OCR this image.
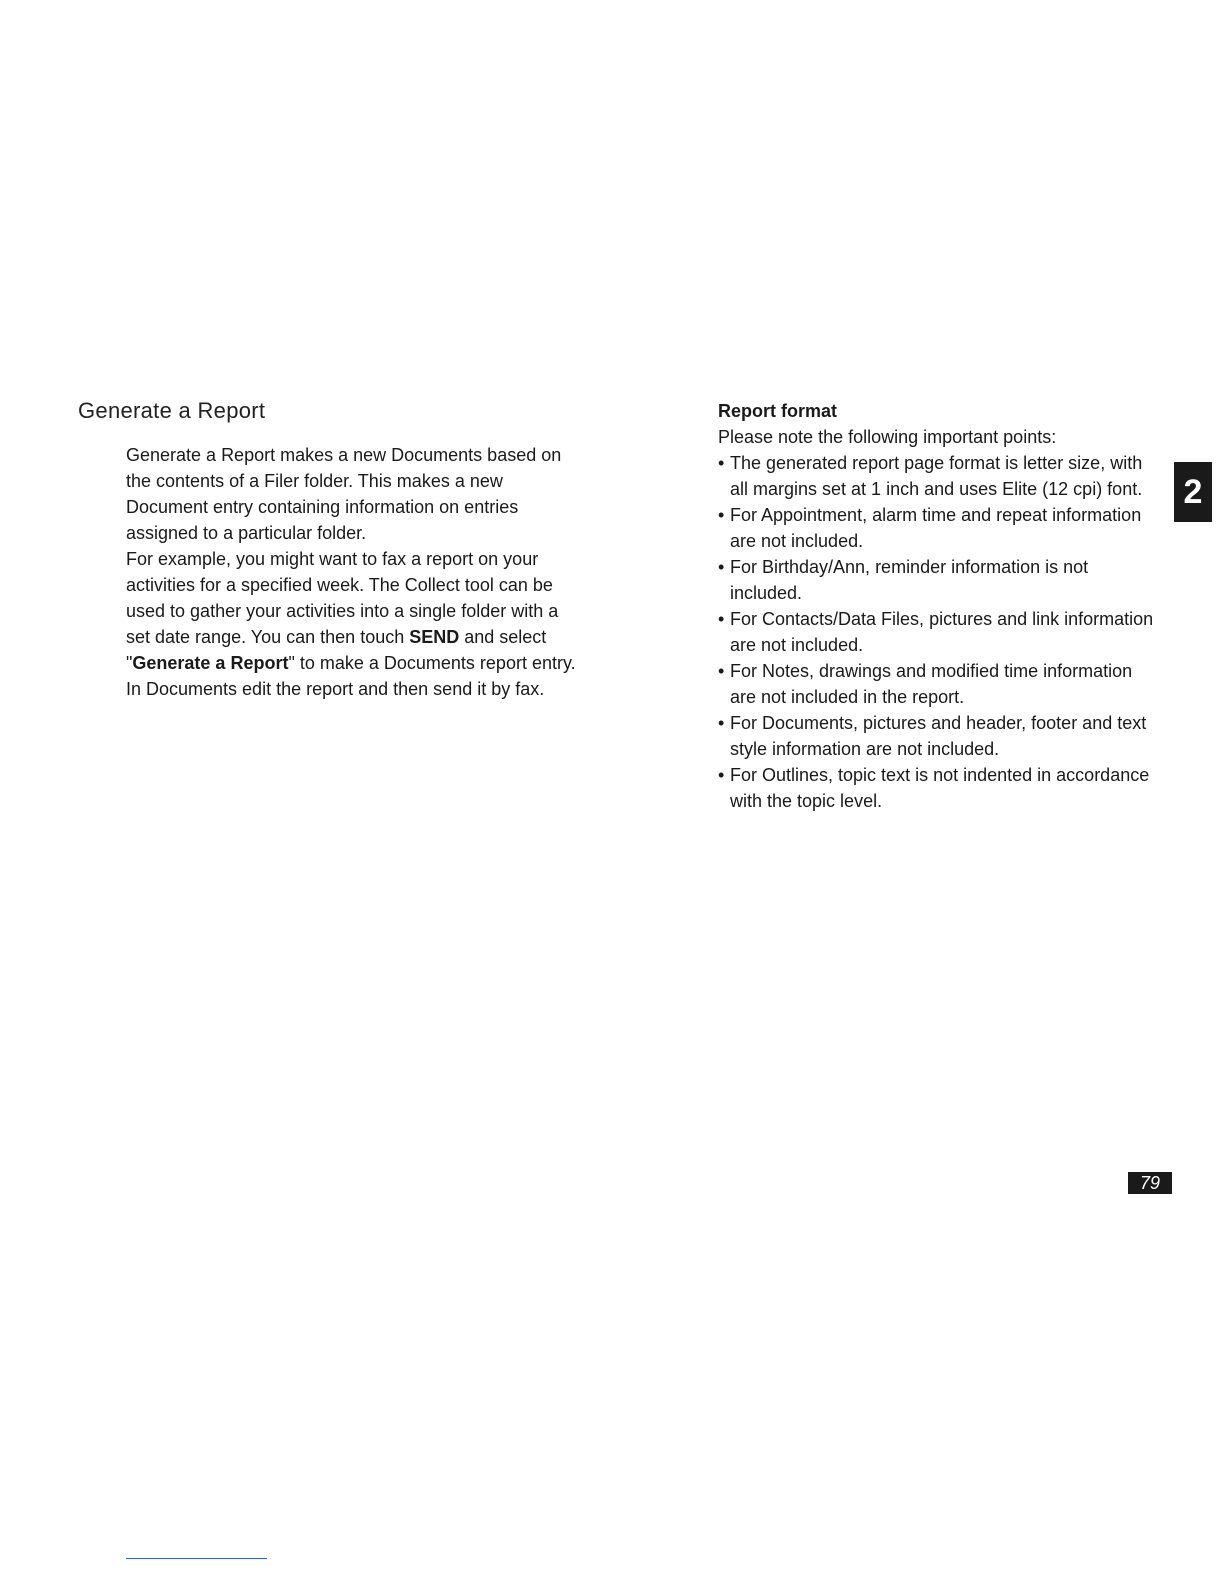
Generate a Report

Generate a Report makes a new Documents based on the contents of a Filer folder. This makes a new Document entry containing information on entries assigned to a particular folder.

For example, you might want to fax a report on your activities for a specified week. The Collect tool can be used to gather your activities into a single folder with a set date range. You can then touch SEND and select "Generate a Report" to make a Documents report entry. In Documents edit the report and then send it by fax.

Report format

Please note the following important points:

• The generated report page format is letter size, with all margins set at 1 inch and uses Elite (12 cpi) font.
• For Appointment, alarm time and repeat information are not included.
• For Birthday/Ann, reminder information is not included.
• For Contacts/Data Files, pictures and link information are not included.
• For Notes, drawings and modified time information are not included in the report.
• For Documents, pictures and header, footer and text style information are not included.
• For Outlines, topic text is not indented in accordance with the topic level.
2
79
